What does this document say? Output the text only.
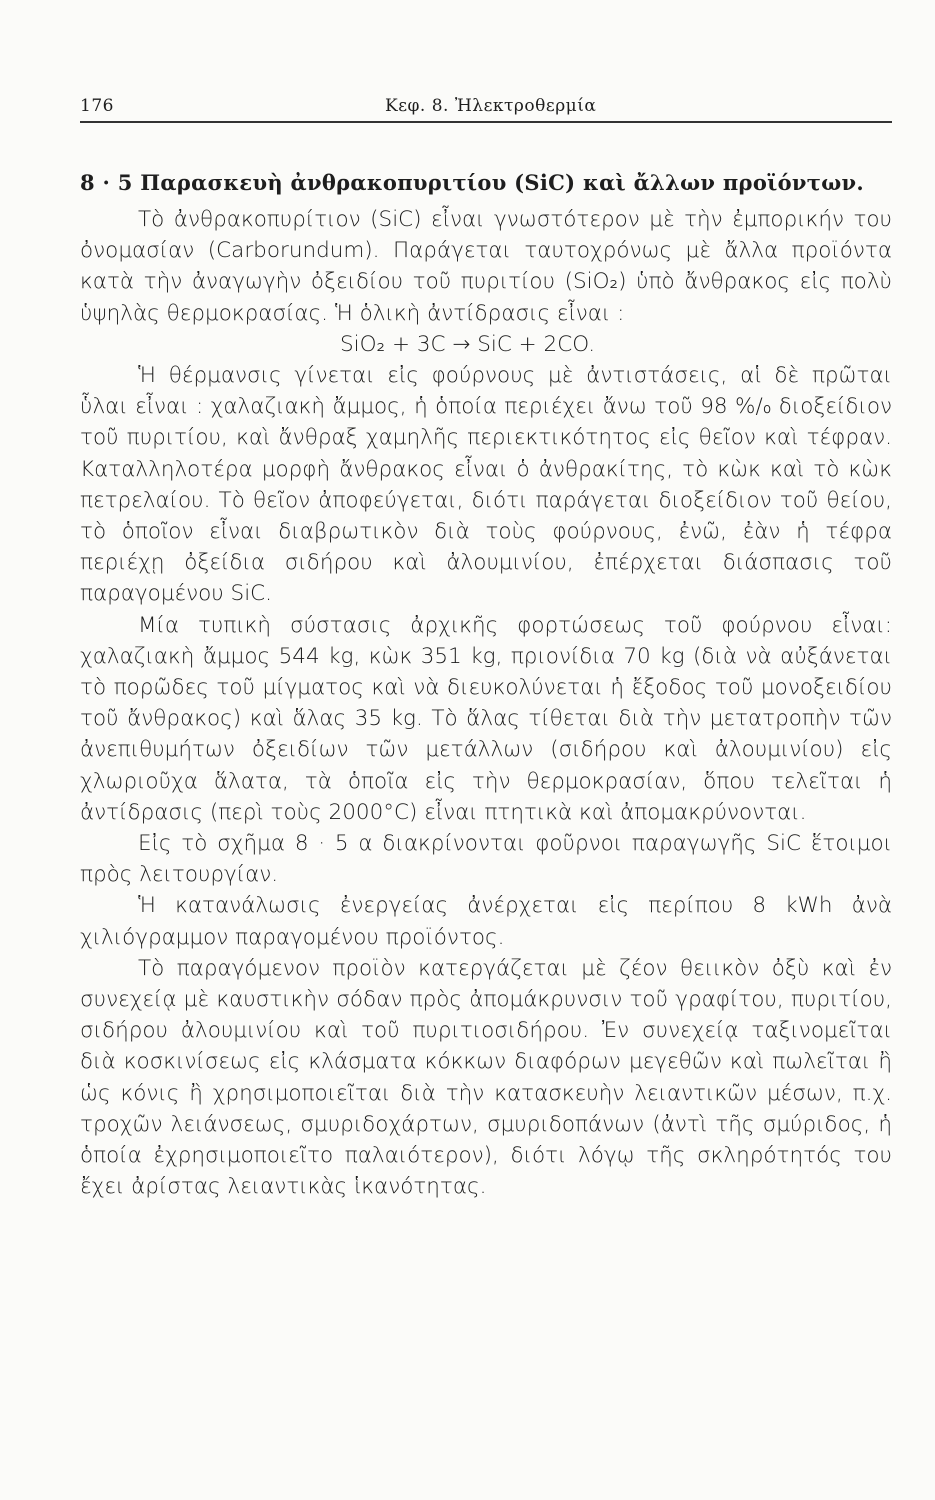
176	Κεφ. 8. Ἠλεκτροθερμία
8 · 5 Παρασκευὴ ἀνθρακοπυριτίου (SiC) καὶ ἄλλων προϊόντων.

Τὸ ἀνθρακοπυρίτιον (SiC) εἶναι γνωστότερον μὲ τὴν ἐμπορικήν του ὀνομασίαν (Carborundum). Παράγεται ταυτοχρόνως μὲ ἄλλα προϊόντα κατὰ τὴν ἀναγωγὴν ὀξειδίου τοῦ πυριτίου (SiO₂) ὑπὸ ἄνθρακος εἰς πολὺ ὑψηλὰς θερμοκρασίας. Ἡ ὁλικὴ ἀντίδρασις εἶναι :

SiO₂ + 3C → SiC + 2CO.

Ἡ θέρμανσις γίνεται εἰς φούρνους μὲ ἀντιστάσεις, αἱ δὲ πρῶται ὗλαι εἶναι : χαλαζιακὴ ἄμμος, ἡ ὁποία περιέχει ἄνω τοῦ 98 %/₀ διοξείδιον τοῦ πυριτίου, καὶ ἄνθραξ χαμηλῆς περιεκτικότητος εἰς θεῖον καὶ τέφραν. Καταλληλοτέρα μορφὴ ἄνθρακος εἶναι ὁ ἀνθρακίτης, τὸ κὼκ καὶ τὸ κὼκ πετρελαίου. Τὸ θεῖον ἀποφεύγεται, διότι παράγεται διοξείδιον τοῦ θείου, τὸ ὁποῖον εἶναι διαβρωτικὸν διὰ τοὺς φούρνους, ἐνῶ, ἐὰν ἡ τέφρα περιέχῃ ὀξείδια σιδήρου καὶ ἀλουμινίου, ἐπέρχεται διάσπασις τοῦ παραγομένου SiC.

Μία τυπικὴ σύστασις ἀρχικῆς φορτώσεως τοῦ φούρνου εἶναι: χαλαζιακὴ ἄμμος 544 kg, κὼκ 351 kg, πριονίδια 70 kg (διὰ νὰ αὐξάνεται τὸ πορῶδες τοῦ μίγματος καὶ νὰ διευκολύνεται ἡ ἔξοδος τοῦ μονοξειδίου τοῦ ἄνθρακος) καὶ ἅλας 35 kg. Τὸ ἅλας τίθεται διὰ τὴν μετατροπὴν τῶν ἀνεπιθυμήτων ὀξειδίων τῶν μετάλλων (σιδήρου καὶ ἀλουμινίου) εἰς χλωριοῦχα ἅλατα, τὰ ὁποῖα εἰς τὴν θερμοκρασίαν, ὅπου τελεῖται ἡ ἀντίδρασις (περὶ τοὺς 2000°C) εἶναι πτητικὰ καὶ ἀπομακρύνονται.

Εἰς τὸ σχῆμα 8 · 5 α διακρίνονται φοῦρνοι παραγωγῆς SiC ἕτοιμοι πρὸς λειτουργίαν.

Ἡ κατανάλωσις ἐνεργείας ἀνέρχεται εἰς περίπου 8 kWh ἀνὰ χιλιόγραμμον παραγομένου προϊόντος.

Τὸ παραγόμενον προϊὸν κατεργάζεται μὲ ζέον θειικὸν ὀξὺ καὶ ἐν συνεχείᾳ μὲ καυστικὴν σόδαν πρὸς ἀπομάκρυνσιν τοῦ γραφίτου, πυριτίου, σιδήρου ἀλουμινίου καὶ τοῦ πυριτιοσιδήρου. Ἐν συνεχείᾳ ταξινομεῖται διὰ κοσκινίσεως εἰς κλάσματα κόκκων διαφόρων μεγεθῶν καὶ πωλεῖται ἢ ὡς κόνις ἢ χρησιμοποιεῖται διὰ τὴν κατασκευὴν λειαντικῶν μέσων, π.χ. τροχῶν λειάνσεως, σμυριδοχάρτων, σμυριδοπάνων (ἀντὶ τῆς σμύριδος, ἡ ὁποία ἐχρησιμοποιεῖτο παλαιότερον), διότι λόγῳ τῆς σκληρότητός του ἔχει ἀρίστας λειαντικὰς ἱκανότητας.
